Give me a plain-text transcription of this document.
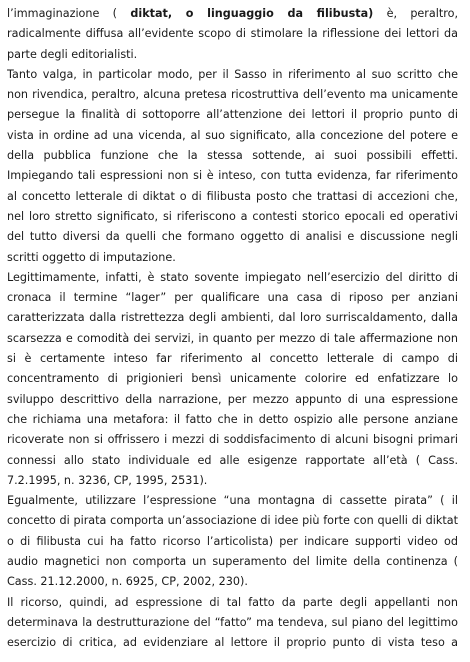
l’immaginazione ( diktat, o linguaggio da filibusta) è, peraltro,
radicalmente diffusa all’evidente scopo di stimolare la riflessione dei lettori da
parte degli editorialisti.

Tanto valga, in particolar modo, per il Sasso in riferimento al suo scritto che
non rivendica, peraltro, alcuna pretesa ricostruttiva dell’evento ma unicamente
persegue la finalità di sottoporre all’attenzione dei lettori il proprio punto di
vista in ordine ad una vicenda, al suo significato, alla concezione del potere e
della pubblica funzione che la stessa sottende, ai suoi possibili effetti.
Impiegando tali espressioni non si è inteso, con tutta evidenza, far riferimento
al concetto letterale di diktat o di filibusta posto che trattasi di accezioni che,
nel loro stretto significato, si riferiscono a contesti storico epocali ed operativi
del tutto diversi da quelli che formano oggetto di analisi e discussione negli
scritti oggetto di imputazione.

Legittimamente, infatti, è stato sovente impiegato nell’esercizio del diritto di
cronaca il termine “lager” per qualificare una casa di riposo per anziani
caratterizzata dalla ristrettezza degli ambienti, dal loro surriscaldamento, dalla
scarsezza e comodità dei servizi, in quanto per mezzo di tale affermazione non
si è certamente inteso far riferimento al concetto letterale di campo di
concentramento di prigionieri bensì unicamente colorire ed enfatizzare lo
sviluppo descrittivo della narrazione, per mezzo appunto di una espressione
che richiama una metafora: il fatto che in detto ospizio alle persone anziane
ricoverate non si offrissero i mezzi di soddisfacimento di alcuni bisogni primari
connessi allo stato individuale ed alle esigenze rapportate all’età ( Cass.
7.2.1995, n. 3236, CP, 1995, 2531).

Egualmente, utilizzare l’espressione “una montagna di cassette pirata” ( il
concetto di pirata comporta un’associazione di idee più forte con quelli di diktat
o di filibusta cui ha fatto ricorso l’articolista) per indicare supporti video od
audio magnetici non comporta un superamento del limite della continenza (
Cass. 21.12.2000, n. 6925, CP, 2002, 230).

Il ricorso, quindi, ad espressione di tal fatto da parte degli appellanti non
determinava la destrutturazione del “fatto” ma tendeva, sul piano del legittimo
esercizio di critica, ad evidenziare al lettore il proprio punto di vista teso a
